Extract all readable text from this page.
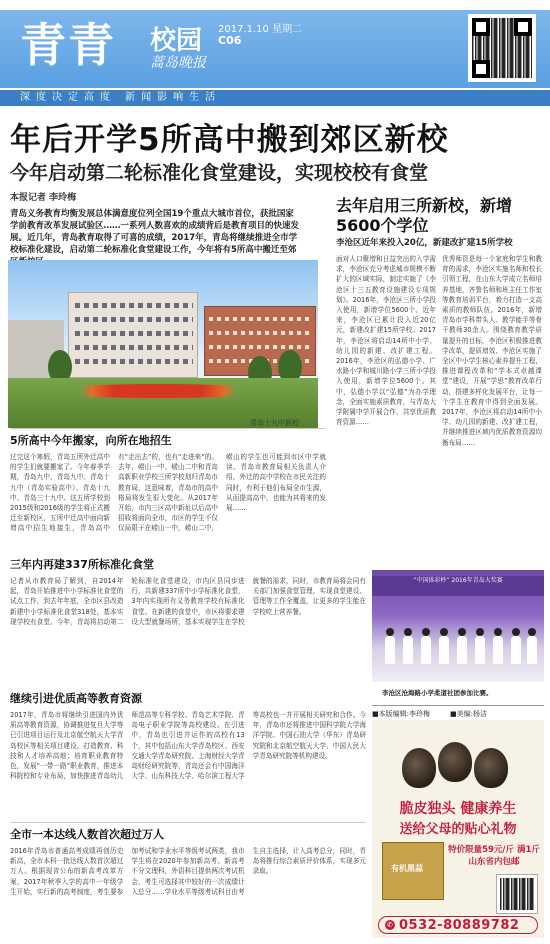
青青 校园
蒿岛晚报
2017.1.10 星期二
C06
深度决定高度 新闻影响生活
年后开学5所高中搬到郊区新校
今年启动第二轮标准化食堂建设，实现校校有食堂
本报记者 李玲梅
青岛义务教育均衡发展总体满意度位列全国19个重点大城市首位，获批国家学前教育改革发展试验区……一系列人数喜欢的成绩背后是教育项目的快速发展。近几年，青岛教育取得了可喜的成绩，2017年，青岛将继续推进全市学校标准化建设，启动第二轮标准化食堂建设工作，今年将有5所高中搬迁至郊
青岛十九中新校
5所高中今年搬家，向所在地招生
过完这个寒假，青岛五所外迁高中的学生们就要搬家了。今年春季学期，青岛九中、青岛九中、青岛十九中（青岛实验高中）、青岛十九中、青岛三十九中、这五所学校到2015级和2016级的学生将正式搬迁至新校区，五所中迁高中面向新增高中招生地接生，青岛高中有“走出去”的，也有“走进来”的。去年，崂山一中、崂山二中和青岛高新职业学校三所学校划归青岛市教育局，这意味着，青岛市的高中格局将发生很大变化。从2017年开始，市内三区高中新址以后高中招收将面向全市，市区的学生不仅仅局限于在崂山一中，崂山二中，崂山的学生也可能到市区中学就读。青岛市教育局相关负责人介绍，外迁的高中学校在市民关注的同时，有利于他们布局全市生源，从而提高高中，也能为其将来的发展……
三年内再建337所标准化食堂
记者从市教育局了解到，自2014年起，青岛开始推进中小学标准化食堂的试点工作，到去年年底，全市区县改造新建中小学标准化食堂318处，基本实现学校有食堂。今年，青岛将启动第二轮标准化食堂建设，市内区县同步进行，共新建337所中小学标准化食堂，3年内实现所有义务教育学校有标准化食堂。在新建的食堂中，市区将要求建设大型就餐场所，基本实现学生在学校就餐的需求，同时，市教育局将会同有关部门加强食堂管理，实现食堂建设、管理等工作全覆盖，让更多的学生能在学校吃上营养餐。
继续引进优质高等教育资源
2017年，青岛市将继续引进国内外优质高等教育资源，协调推进复旦大学等已引进项目运行及北京航空航天大学青岛校区等相关项目建设，打造教育、科技和人才培养高地；培育职业教育特色，发展“一带一路”职业教育，推进本科院校和专业布局，加快推进青岛幼儿师范高等专科学校、青岛艺术学院、青岛电子职业学院等高校建设。在引进中，青岛也引进并运作的高校有13个，其中包括山东大学青岛校区、西安交通大学青岛研究院、上海财经大学青岛财经研究院等，青岛还会有中国海洋大学、山东科技大学、哈尔滨工程大学等高校也一并开展相关研究和合作。今年，青岛市还将推进中国科学院大学海洋学院、中国石油大学（华东）青岛研究院和北京航空航天大学、中国人民大学青岛研究院等机构建设。
全市一本达线人数首次超过万人
2016年青岛市普通高考成绩再创历史新高，全市本科一批达线人数首次超过万人。根据现省公布的新高考改革方案，2017年秋季入学的高中一年级学生开始，实行新的高考制度，考生要参加考试和学业水平等级考试两类，我市学生将在2020年参加新高考。新高考不分文理科，外语科目提供两次考试机会，考生可选择其中较好的一次成绩计入总分……学业水平等级考试科目由考生自主选择，计入高考总分，同时，青岛将推行综合素质评价体系，实现多元录取。
去年启用三所新校，新增5600个学位
李沧区近年来投入20亿，新建改扩建15所学校
面对人口聚增和日益突出的入学需求，李沧区充分考虑城市规模不断扩大的区域实际，制定实施了《李沧区十三五教育设施建设专项规划》。2016年，李沧区三所小学投入使用，新增学位5600个。近年来，李沧区已累计投入近20亿元，新建改扩建15所学校。2017年，李沧区将启动14所中小学、幼儿园的新建、改扩建工程。2016年，李沧区的弘德小学、广水路小学和城川路小学三所小学投入使用，新增学位5600个。其中，弘德小学以“弘德”为办学理念，全面实施素质教育，与青岛大学附属中学开展合作，共享优质教育资源……
优秀师资是每一个家庭和学生和教育的需求，李沧区实施名师和校长引领工程，在山东大学成立名师培养基地，齐鲁名师和班主任工作室等教育培训平台，着力打造一支高素质的教师队伍。2016年，新增青岛市学科带头人、教学能手等骨干教师30余人。围绕教育教学质量提升的目标，李沧区积极推进教学改革，提质增效、李沧区实施了全区中小学生核心素养提升工程，推进课程改革和“学本式卓越课堂”建设，开展“学思”教育改革行动，搭建多样化发展平台，让每一个学生在教育中得到全面发展。2017年，李沧区将启动14所中小学、幼儿园的新建、改扩建工程，并继续推进区域内优质教育资源均衡布局……
“中国体彩杯” 2016年青岛大奖赛
李沧区沧海路小学柔道社团参加比赛。
■本版编辑:李玲梅	■美编:杨洁
脆皮独头 健康养生
送给父母的贴心礼物
有机黑蒜
特价限量59元/斤 满1斤山东省内包邮
✆ 0532-80889782
